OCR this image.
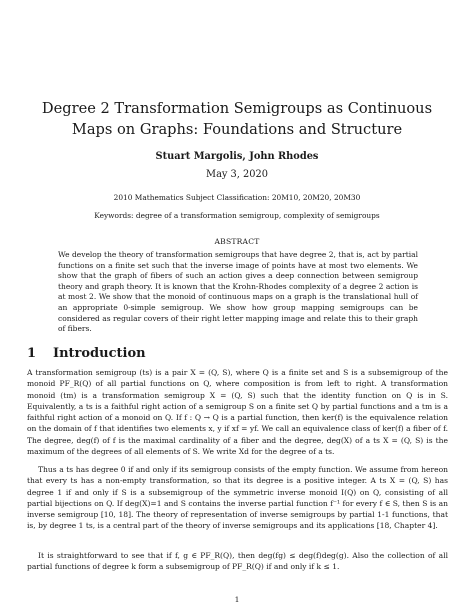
Degree 2 Transformation Semigroups as Continuous Maps on Graphs: Foundations and Structure
Stuart Margolis, John Rhodes
May 3, 2020
2010 Mathematics Subject Classification: 20M10, 20M20, 20M30
Keywords: degree of a transformation semigroup, complexity of semigroups
ABSTRACT
We develop the theory of transformation semigroups that have degree 2, that is, act by partial functions on a finite set such that the inverse image of points have at most two elements. We show that the graph of fibers of such an action gives a deep connection between semigroup theory and graph theory. It is known that the Krohn-Rhodes complexity of a degree 2 action is at most 2. We show that the monoid of continuous maps on a graph is the translational hull of an appropriate 0-simple semigroup. We show how group mapping semigroups can be considered as regular covers of their right letter mapping image and relate this to their graph of fibers.
1 Introduction
A transformation semigroup (ts) is a pair X = (Q, S), where Q is a finite set and S is a subsemigroup of the monoid PF_R(Q) of all partial functions on Q, where composition is from left to right. A transformation monoid (tm) is a transformation semigroup X = (Q, S) such that the identity function on Q is in S. Equivalently, a ts is a faithful right action of a semigroup S on a finite set Q by partial functions and a tm is a faithful right action of a monoid on Q. If f : Q → Q is a partial function, then ker(f) is the equivalence relation on the domain of f that identifies two elements x, y if xf = yf. We call an equivalence class of ker(f) a fiber of f. The degree, deg(f) of f is the maximal cardinality of a fiber and the degree, deg(X) of a ts X = (Q, S) is the maximum of the degrees of all elements of S. We write Xd for the degree of a ts.
Thus a ts has degree 0 if and only if its semigroup consists of the empty function. We assume from hereon that every ts has a non-empty transformation, so that its degree is a positive integer. A ts X = (Q, S) has degree 1 if and only if S is a subsemigroup of the symmetric inverse monoid I(Q) on Q, consisting of all partial bijections on Q. If deg(X)=1 and S contains the inverse partial function f⁻¹ for every f ∈ S, then S is an inverse semigroup [10, 18]. The theory of representation of inverse semigroups by partial 1-1 functions, that is, by degree 1 ts, is a central part of the theory of inverse semigroups and its applications [18, Chapter 4].
It is straightforward to see that if f, g ∈ PF_R(Q), then deg(fg) ≤ deg(f)deg(g). Also the collection of all partial functions of degree k form a subsemigroup of PF_R(Q) if and only if k ≤ 1.
1
